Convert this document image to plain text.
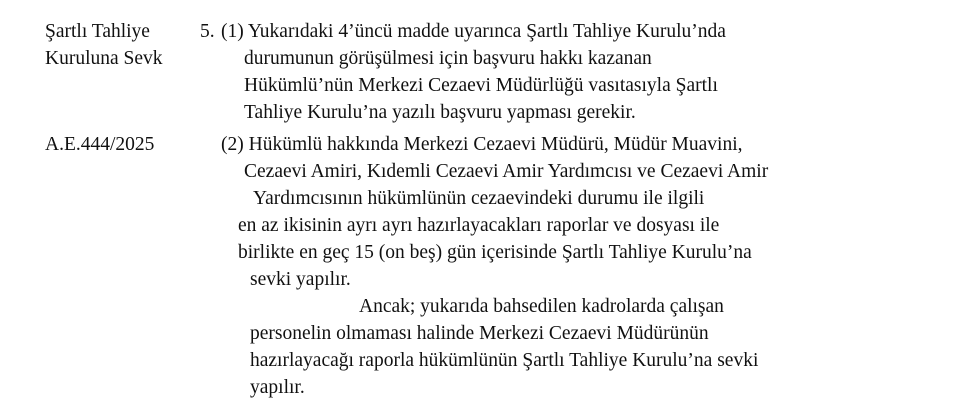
Şartlı Tahliye
Kuruluna Sevk
A.E.444/2025
5. (1) Yukarıdaki 4’üncü madde uyarınca Şartlı Tahliye Kurulu’nda
durumunun görüşülmesi için başvuru hakkı kazanan
Hükümlü’nün Merkezi Cezaevi Müdürlüğü vasıtasıyla Şartlı
Tahliye Kurulu’na yazılı başvuru yapması gerekir.
(2) Hükümlü hakkında Merkezi Cezaevi Müdürü, Müdür Muavini,
Cezaevi Amiri, Kıdemli Cezaevi Amir Yardımcısı ve Cezaevi Amir
Yardımcısının hükümlünün cezaevindeki durumu ile ilgili
en az ikisinin ayrı ayrı hazırlayacakları raporlar ve dosyası ile
birlikte en geç 15 (on beş) gün içerisinde Şartlı Tahliye Kurulu’na
sevki yapılır.
Ancak; yukarıda bahsedilen kadrolarda çalışan
personelin olmaması halinde Merkezi Cezaevi Müdürünün
hazırlayacağı raporla hükümlünün Şartlı Tahliye Kurulu’na sevki
yapılır.
